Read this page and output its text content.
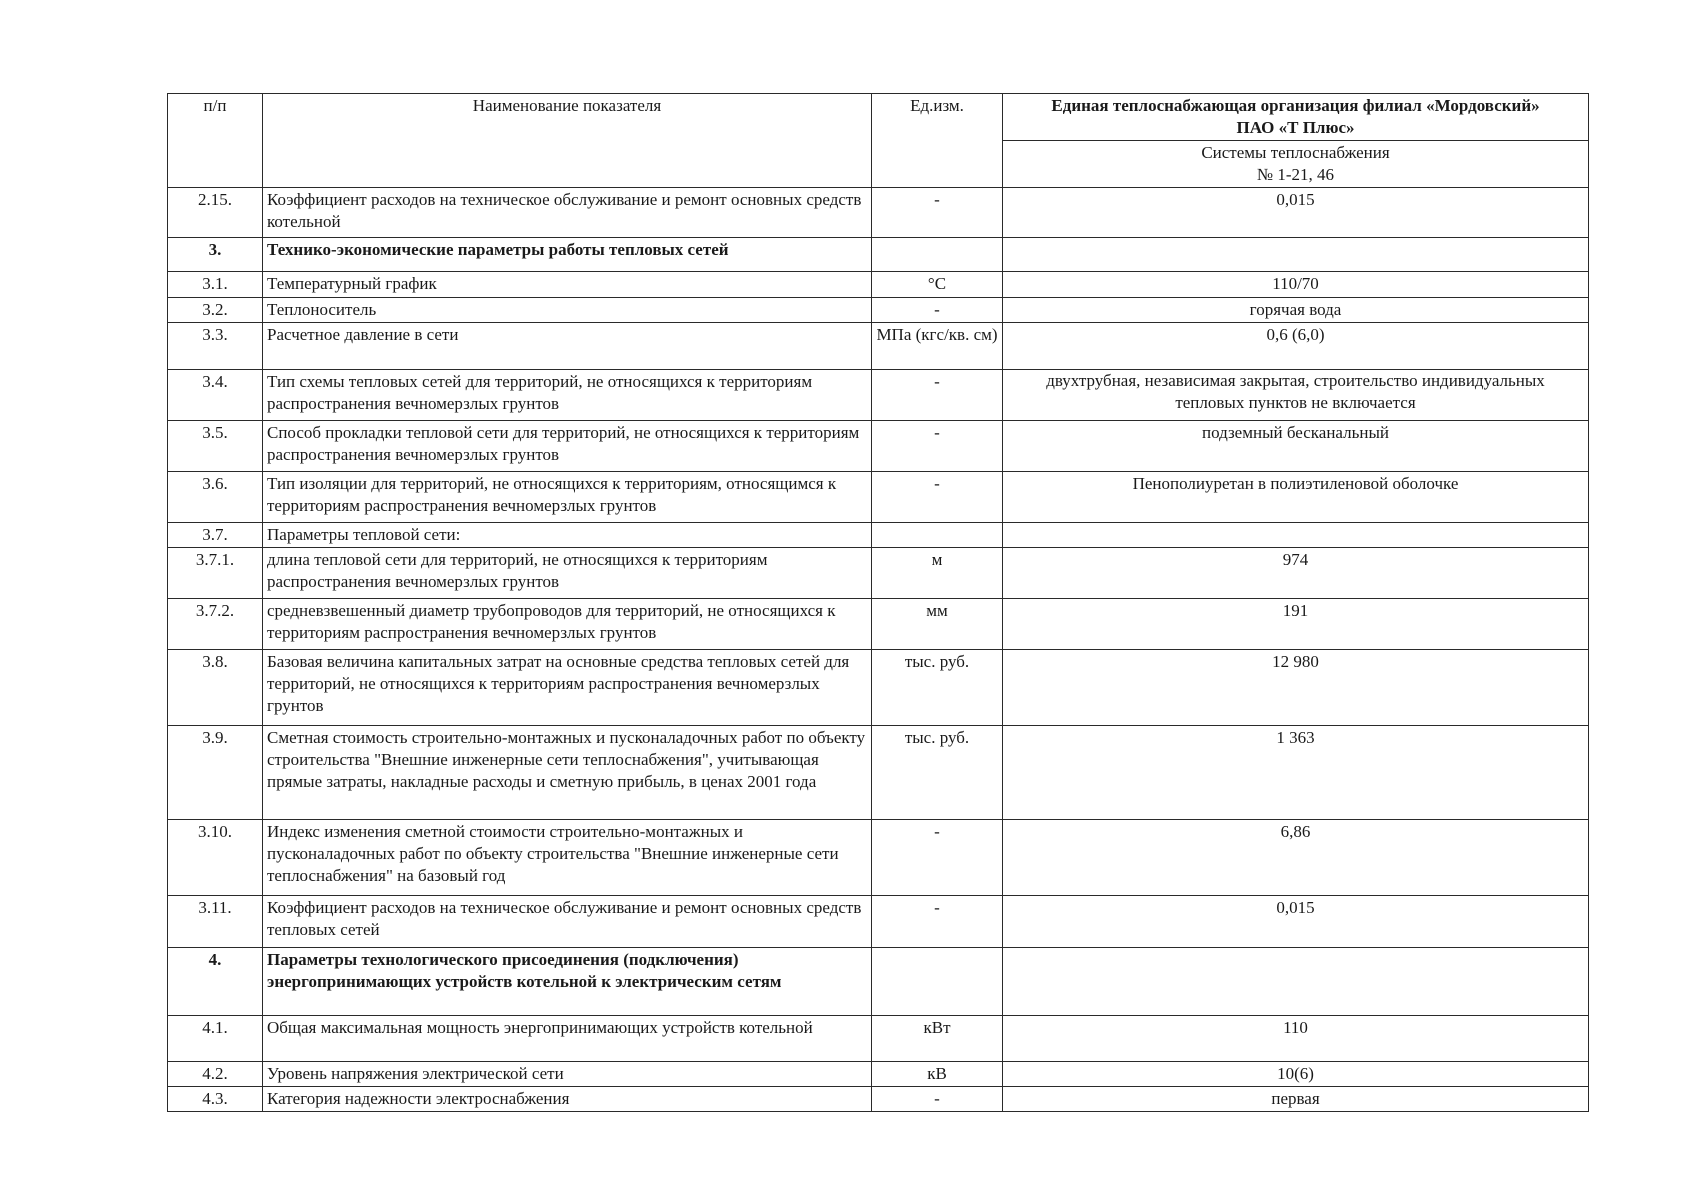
п/п	Наименование показателя	Ед.изм.	Единая теплоснабжающая организация филиал «Мордовский»
ПАО «Т Плюс»

			Системы теплоснабжения
№ 1-21, 46

2.15.	Коэффициент расходов на техническое обслуживание и ремонт основных средств котельной	-	0,015
3.	Технико-экономические параметры работы тепловых сетей		
3.1.	Температурный график	°C	110/70
3.2.	Теплоноситель	-	горячая вода
3.3.	Расчетное давление в сети	МПа (кгс/кв. см)	0,6 (6,0)
3.4.	Тип схемы тепловых сетей для территорий, не относящихся к территориям распространения вечномерзлых грунтов	-	двухтрубная, независимая закрытая, строительство индивидуальных тепловых пунктов не включается
3.5.	Способ прокладки тепловой сети для территорий, не относящихся к территориям распространения вечномерзлых грунтов	-	подземный бесканальный
3.6.	Тип изоляции для территорий, не относящихся к территориям, относящимся к территориям распространения вечномерзлых грунтов	-	Пенополиуретан в полиэтиленовой оболочке
3.7.	Параметры тепловой сети:		
3.7.1.	длина тепловой сети для территорий, не относящихся к территориям распространения вечномерзлых грунтов	м	974
3.7.2.	средневзвешенный диаметр трубопроводов для территорий, не относящихся к территориям распространения вечномерзлых грунтов	мм	191
3.8.	Базовая величина капитальных затрат на основные средства тепловых сетей для территорий, не относящихся к территориям распространения вечномерзлых грунтов	тыс. руб.	12 980
3.9.	Сметная стоимость строительно-монтажных и пусконаладочных работ по объекту строительства "Внешние инженерные сети теплоснабжения", учитывающая прямые затраты, накладные расходы и сметную прибыль, в ценах 2001 года	тыс. руб.	1 363
3.10.	Индекс изменения сметной стоимости строительно-монтажных и пусконаладочных работ по объекту строительства "Внешние инженерные сети теплоснабжения" на базовый год	-	6,86
3.11.	Коэффициент расходов на техническое обслуживание и ремонт основных средств тепловых сетей	-	0,015
4.	Параметры технологического присоединения (подключения) энергопринимающих устройств котельной к электрическим сетям		
4.1.	Общая максимальная мощность энергопринимающих устройств котельной	кВт	110
4.2.	Уровень напряжения электрической сети	кВ	10(6)
4.3.	Категория надежности электроснабжения	-	первая
